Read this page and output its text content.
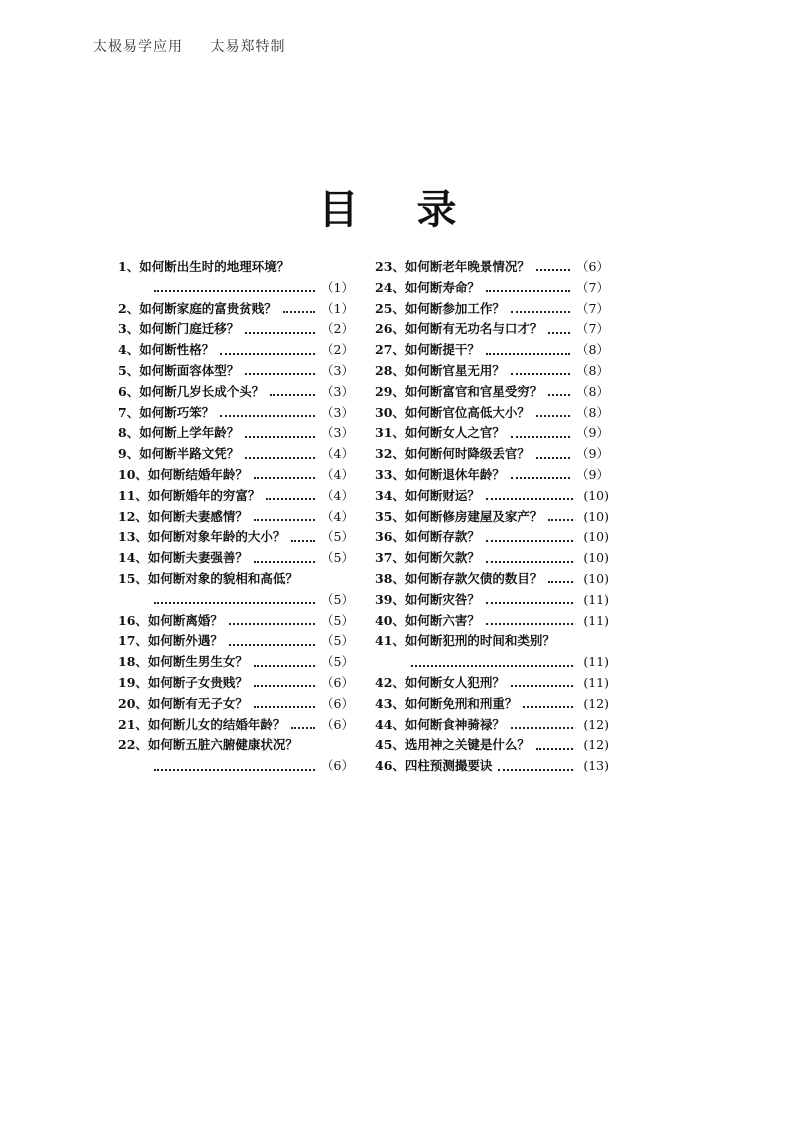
太极易学应用 太易郑特制
目录
1、如何断出生时的地理环境？
（1）
2、如何断家庭的富贵贫贱？	（1）
3、如何断门庭迁移？	（2）
4、如何断性格？	（2）
5、如何断面容体型？	（3）
6、如何断几岁长成个头？	（3）
7、如何断巧笨？	（3）
8、如何断上学年龄？	（3）
9、如何断半路文凭？	（4）
10、如何断结婚年龄？	（4）
11、如何断婚年的穷富？	（4）
12、如何断夫妻感情？	（4）
13、如何断对象年龄的大小？	（5）
14、如何断夫妻强善？	（5）
15、如何断对象的貌相和高低？
（5）
16、如何断离婚？	（5）
17、如何断外遇？	（5）
18、如何断生男生女？	（5）
19、如何断子女贵贱？	（6）
20、如何断有无子女？	（6）
21、如何断儿女的结婚年龄？	（6）
22、如何断五脏六腑健康状况？
（6）
23、如何断老年晚景情况？	（6）
24、如何断寿命？	（7）
25、如何断参加工作？	（7）
26、如何断有无功名与口才？	（7）
27、如何断提干？	（8）
28、如何断官星无用？	（8）
29、如何断富官和官星受穷？	（8）
30、如何断官位高低大小？	（8）
31、如何断女人之官？	（9）
32、如何断何时降级丢官？	（9）
33、如何断退休年龄？	（9）
34、如何断财运？	(10)
35、如何断修房建屋及家产？	(10)
36、如何断存款？	(10)
37、如何断欠款？	(10)
38、如何断存款欠债的数目？	(10)
39、如何断灾咎？	(11)
40、如何断六害？	(11)
41、如何断犯刑的时间和类别？
(11)
42、如何断女人犯刑？	(11)
43、如何断免刑和刑重？	(12)
44、如何断食神骑禄？	(12)
45、选用神之关键是什么？	(12)
46、四柱预测撮要诀	(13)
